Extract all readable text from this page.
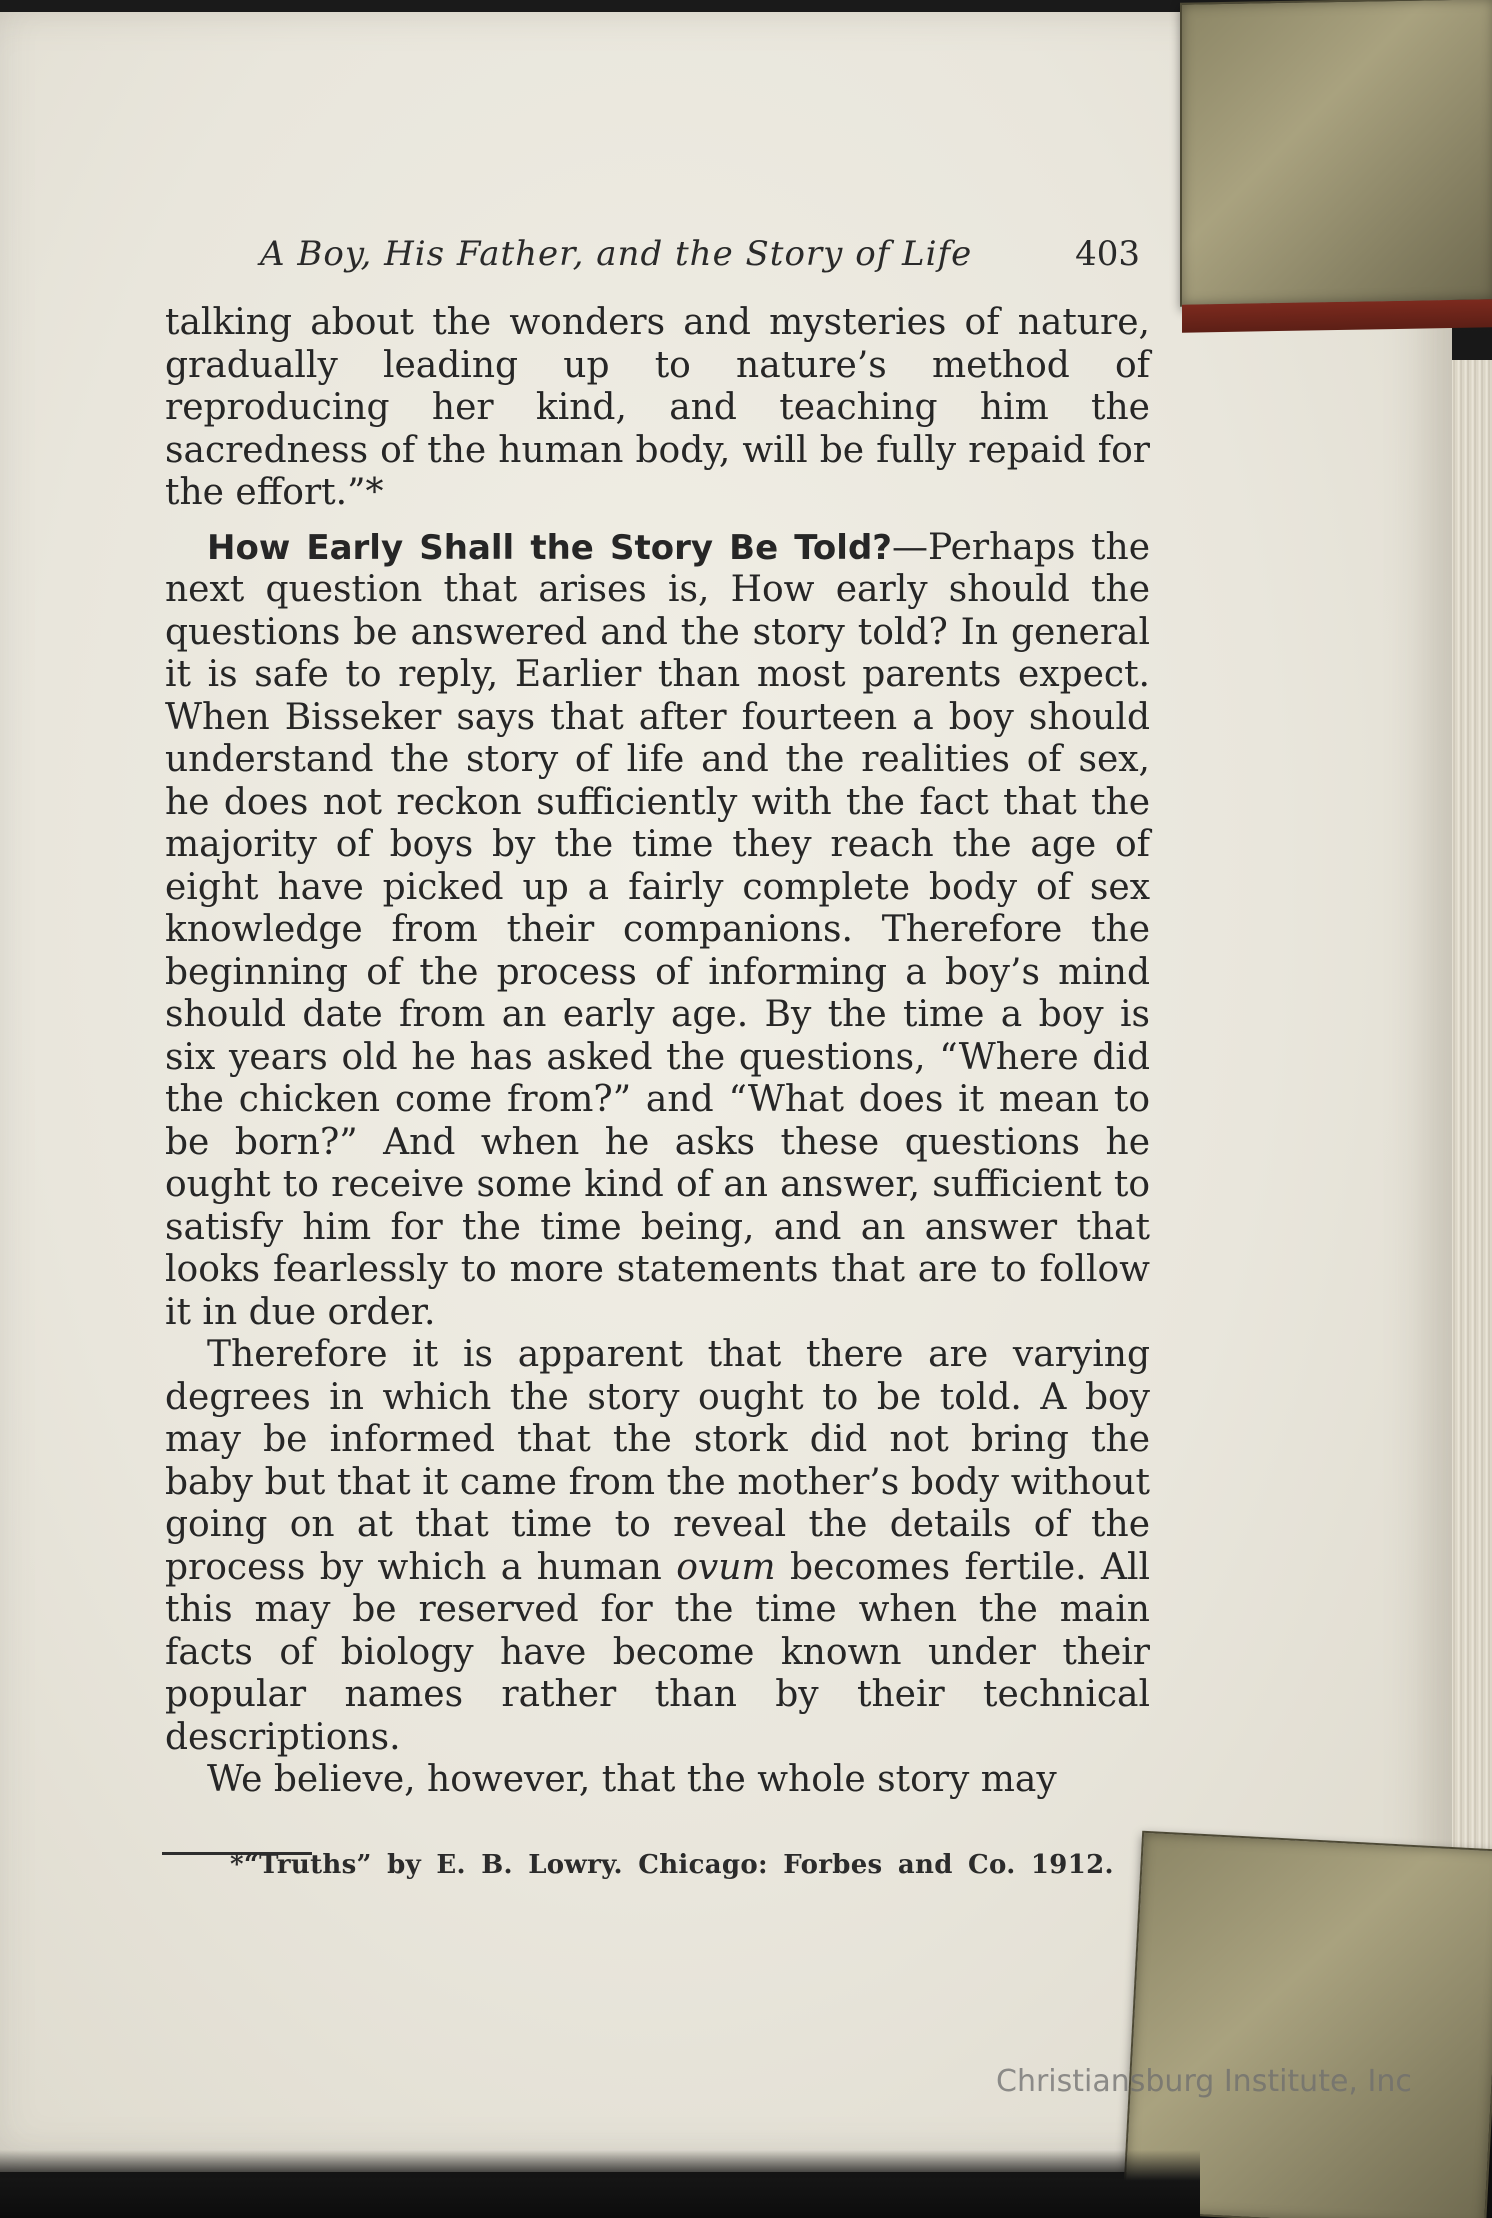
A Boy, His Father, and the Story of Life	403

talking about the wonders and mysteries of nature, gradually leading up to nature’s method of reproducing her kind, and teaching him the sacredness of the human body, will be fully repaid for the effort.”*

How Early Shall the Story Be Told?—Perhaps the next question that arises is, How early should the questions be answered and the story told? In general it is safe to reply, Earlier than most parents expect. When Bisseker says that after fourteen a boy should understand the story of life and the realities of sex, he does not reckon sufficiently with the fact that the majority of boys by the time they reach the age of eight have picked up a fairly complete body of sex knowledge from their companions. Therefore the beginning of the process of informing a boy’s mind should date from an early age. By the time a boy is six years old he has asked the questions, “Where did the chicken come from?” and “What does it mean to be born?” And when he asks these questions he ought to receive some kind of an answer, sufficient to satisfy him for the time being, and an answer that looks fearlessly to more statements that are to follow it in due order.

Therefore it is apparent that there are varying degrees in which the story ought to be told. A boy may be informed that the stork did not bring the baby but that it came from the mother’s body without going on at that time to reveal the details of the process by which a human ovum becomes fertile. All this may be reserved for the time when the main facts of biology have become known under their popular names rather than by their technical descriptions.

We believe, however, that the whole story may

*“Truths” by E. B. Lowry. Chicago: Forbes and Co. 1912.
Christiansburg Institute, Inc
